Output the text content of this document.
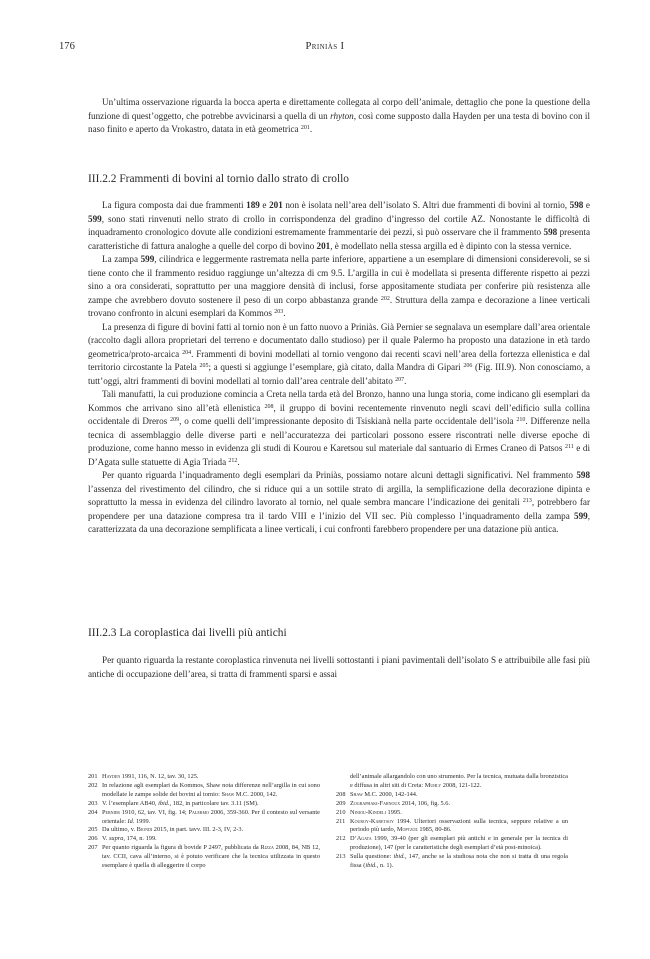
176	Priniàs I

Un’ultima osservazione riguarda la bocca aperta e direttamente collegata al corpo dell’animale, dettaglio che pone la questione della funzione di quest’oggetto, che potrebbe avvicinarsi a quella di un rhyton, così come supposto dalla Hayden per una testa di bovino con il naso finito e aperto da Vrokastro, datata in età geometrica $^{201}$.

III.2.2 Frammenti di bovini al tornio dallo strato di crollo

La figura composta dai due frammenti 189 e 201 non è isolata nell’area dell’isolato S. Altri due frammenti di bovini al tornio, 598 e 599, sono stati rinvenuti nello strato di crollo in corrispondenza del gradino d’ingresso del cortile AZ. Nonostante le difficoltà di inquadramento cronologico dovute alle condizioni estremamente frammentarie dei pezzi, si può osservare che il frammento 598 presenta caratteristiche di fattura analoghe a quelle del corpo di bovino 201, è modellato nella stessa argilla ed è dipinto con la stessa vernice.

La zampa 599, cilindrica e leggermente rastremata nella parte inferiore, appartiene a un esemplare di dimensioni considerevoli, se si tiene conto che il frammento residuo raggiunge un’altezza di cm 9.5. L’argilla in cui è modellata si presenta differente rispetto ai pezzi sino a ora considerati, soprattutto per una maggiore densità di inclusi, forse appositamente studiata per conferire più resistenza alle zampe che avrebbero dovuto sostenere il peso di un corpo abbastanza grande $^{202}$. Struttura della zampa e decorazione a linee verticali trovano confronto in alcuni esemplari da Kommos $^{203}$.

La presenza di figure di bovini fatti al tornio non è un fatto nuovo a Priniàs. Già Pernier se segnalava un esemplare dall’area orientale (raccolto dagli allora proprietari del terreno e documentato dallo studioso) per il quale Palermo ha proposto una datazione in età tardo geometrica/proto-arcaica $^{204}$. Frammenti di bovini modellati al tornio vengono dai recenti scavi nell’area della fortezza ellenistica e dal territorio circostante la Patela $^{205}$; a questi si aggiunge l’esemplare, già citato, dalla Mandra di Gipari $^{206}$ (Fig. III.9). Non conosciamo, a tutt’oggi, altri frammenti di bovini modellati al tornio dall’area centrale dell’abitato $^{207}$.

Tali manufatti, la cui produzione comincia a Creta nella tarda età del Bronzo, hanno una lunga storia, come indicano gli esemplari da Kommos che arrivano sino all’età ellenistica $^{208}$, il gruppo di bovini recentemente rinvenuto negli scavi dell’edificio sulla collina occidentale di Dreros $^{209}$, o come quelli dell’impressionante deposito di Tsiskianà nella parte occidentale dell’isola $^{210}$. Differenze nella tecnica di assemblaggio delle diverse parti e nell’accuratezza dei particolari possono essere riscontrati nelle diverse epoche di produzione, come hanno messo in evidenza gli studi di Kourou e Karetsou sul materiale dal santuario di Ermes Craneo di Patsos $^{211}$ e di D’Agata sulle statuette di Agia Triada $^{212}$.

Per quanto riguarda l’inquadramento degli esemplari da Priniàs, possiamo notare alcuni dettagli significativi. Nel frammento 598 l’assenza del rivestimento del cilindro, che si riduce qui a un sottile strato di argilla, la semplificazione della decorazione dipinta e soprattutto la messa in evidenza del cilindro lavorato al tornio, nel quale sembra mancare l’indicazione dei genitali $^{213}$, potrebbero far propendere per una datazione compresa tra il tardo VIII e l’inizio del VII sec. Più complesso l’inquadramento della zampa 599, caratterizzata da una decorazione semplificata a linee verticali, i cui confronti farebbero propendere per una datazione più antica.

III.2.3 La coroplastica dai livelli più antichi

Per quanto riguarda la restante coroplastica rinvenuta nei livelli sottostanti i piani pavimentali dell’isolato S e attribuibile alle fasi più antiche di occupazione dell’area, si tratta di frammenti sparsi e assai

201 Hayden 1991, 116, N. 12, tav. 30, 125.
202 In relazione agli esemplari da Kommos, Shaw nota differenze nell’argilla in cui sono modellate le zampe solide dei bovini al tornio: Shaw M.C. 2000, 142.
203 V. l’esemplare AB40, ibid., 182, in particolare tav. 3.11 (SM).
204 Pernier 1910, 62, tav. VI, fig. 14; Palermo 2006, 359-360. Per il contesto sul versante orientale: Id. 1999.
205 Da ultimo, v. Biondi 2015, in part. tavv. III. 2-3, IV, 2-3.
206 V. supra, 174, n. 199.
207 Per quanto riguarda la figura di bovide P 2497, pubblicata da Rizza 2008, 84, NB 12, tav. CCII, cava all’interno, si è potuto verificare che la tecnica utilizzata in questo esemplare è quella di alleggerire il corpo
dell’animale allargandolo con uno strumento. Per la tecnica, mutuata dalla bronzistica e diffusa in altri siti di Creta: Muhly 2008, 121-122.
208 Shaw M.C. 2000, 142-144.
209 Zographaki-Farnoux 2014, 106, fig. 5.6.
210 Niniou-Kindeli 1995.
211 Kouroy-Karetsoy 1994. Ulteriori osservazioni sulla tecnica, seppure relative a un periodo più tardo, Μορτζος 1985, 80-86.
212 D’Agata 1999, 39-40 (per gli esemplari più antichi e in generale per la tecnica di produzione), 147 (per le caratteristiche degli esemplari d’età post-minoica).
213 Sulla questione: ibid., 147, anche se la studiosa nota che non si tratta di una regola fissa (ibid., n. 1).
